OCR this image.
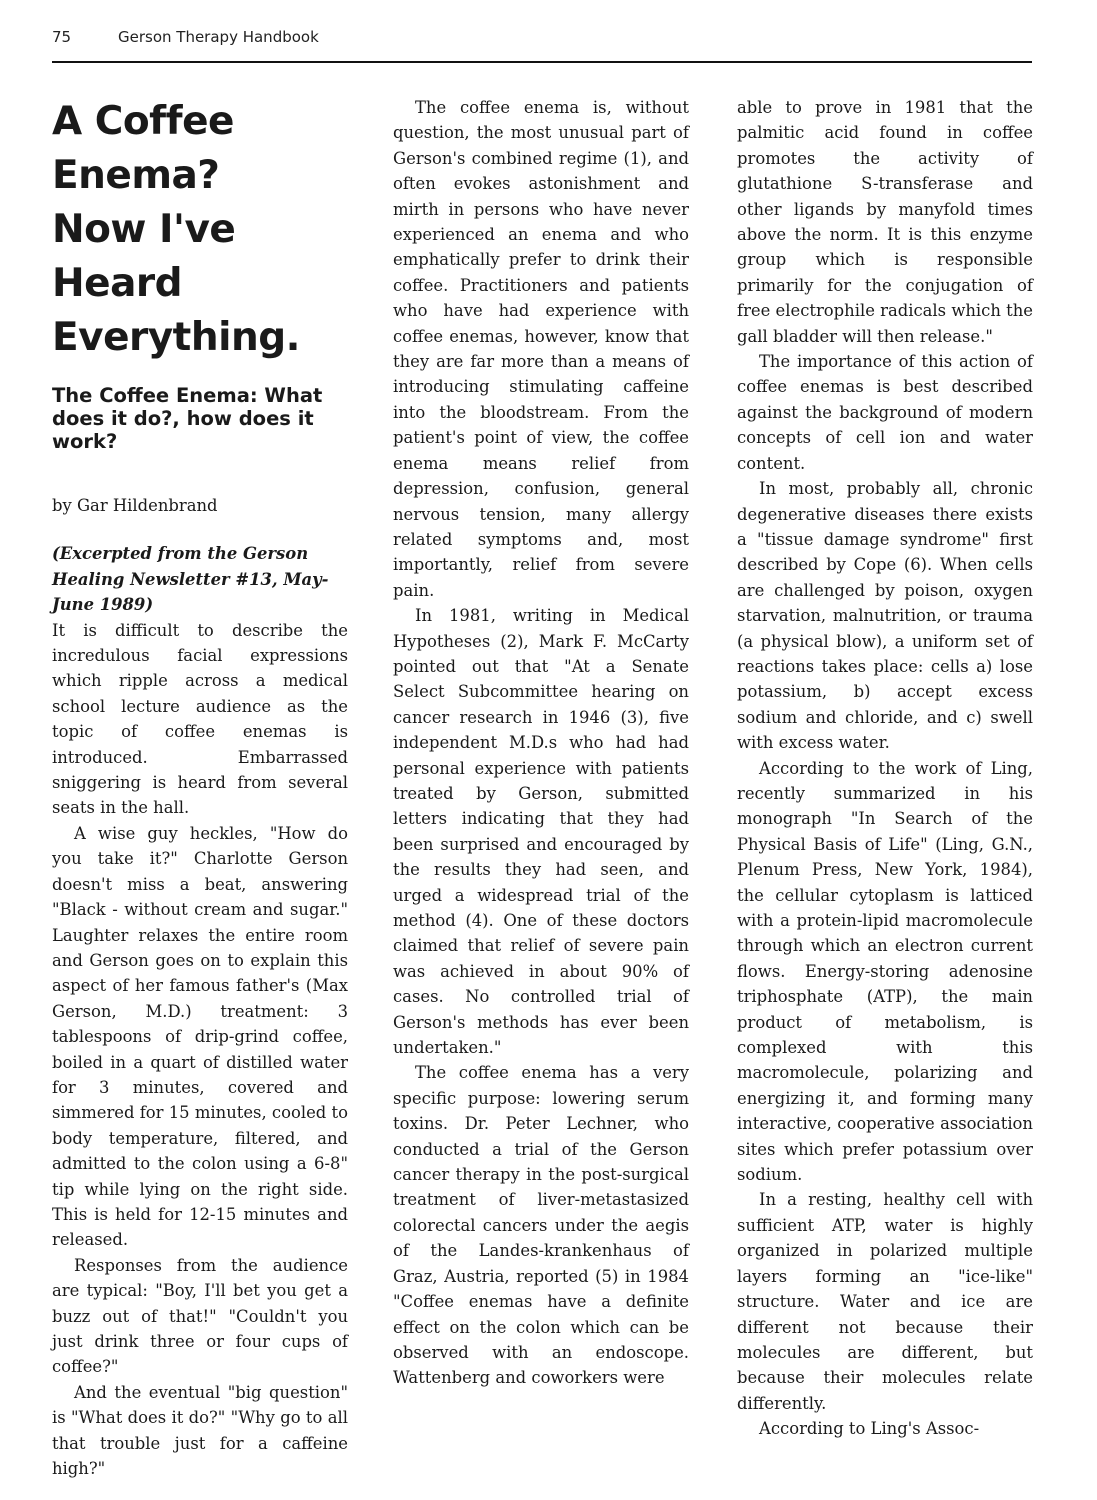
75	Gerson Therapy Handbook
A Coffee Enema?
Now I've Heard
Everything.
The Coffee Enema: What does it do?, how does it work?
by Gar Hildenbrand
(Excerpted from the Gerson Healing Newsletter #13, May-June 1989)

It is difficult to describe the incredulous facial expressions which ripple across a medical school lecture audience as the topic of coffee enemas is introduced. Embarrassed sniggering is heard from several seats in the hall.

A wise guy heckles, "How do you take it?" Charlotte Gerson doesn't miss a beat, answering "Black - without cream and sugar." Laughter relaxes the entire room and Gerson goes on to explain this aspect of her famous father's (Max Gerson, M.D.) treatment: 3 tablespoons of drip-grind coffee, boiled in a quart of distilled water for 3 minutes, covered and simmered for 15 minutes, cooled to body temperature, filtered, and admitted to the colon using a 6-8" tip while lying on the right side. This is held for 12-15 minutes and released.

Responses from the audience are typical: "Boy, I'll bet you get a buzz out of that!" "Couldn't you just drink three or four cups of coffee?"

And the eventual "big question" is "What does it do?" "Why go to all that trouble just for a caffeine high?"

The coffee enema is, without question, the most unusual part of Gerson's combined regime (1), and often evokes astonishment and mirth in persons who have never experienced an enema and who emphatically prefer to drink their coffee. Practitioners and patients who have had experience with coffee enemas, however, know that they are far more than a means of introducing stimulating caffeine into the bloodstream. From the patient's point of view, the coffee enema means relief from depression, confusion, general nervous tension, many allergy related symptoms and, most importantly, relief from severe pain.

In 1981, writing in Medical Hypotheses (2), Mark F. McCarty pointed out that "At a Senate Select Subcommittee hearing on cancer research in 1946 (3), five independent M.D.s who had had personal experience with patients treated by Gerson, submitted letters indicating that they had been surprised and encouraged by the results they had seen, and urged a widespread trial of the method (4). One of these doctors claimed that relief of severe pain was achieved in about 90% of cases. No controlled trial of Gerson's methods has ever been undertaken."

The coffee enema has a very specific purpose: lowering serum toxins. Dr. Peter Lechner, who conducted a trial of the Gerson cancer therapy in the post-surgical treatment of liver-metastasized colorectal cancers under the aegis of the Landes-krankenhaus of Graz, Austria, reported (5) in 1984 "Coffee enemas have a definite effect on the colon which can be observed with an endoscope. Wattenberg and coworkers were

able to prove in 1981 that the palmitic acid found in coffee promotes the activity of glutathione S-transferase and other ligands by manyfold times above the norm. It is this enzyme group which is responsible primarily for the conjugation of free electrophile radicals which the gall bladder will then release."

The importance of this action of coffee enemas is best described against the background of modern concepts of cell ion and water content.

In most, probably all, chronic degenerative diseases there exists a "tissue damage syndrome" first described by Cope (6). When cells are challenged by poison, oxygen starvation, malnutrition, or trauma (a physical blow), a uniform set of reactions takes place: cells a) lose potassium, b) accept excess sodium and chloride, and c) swell with excess water.

According to the work of Ling, recently summarized in his monograph "In Search of the Physical Basis of Life" (Ling, G.N., Plenum Press, New York, 1984), the cellular cytoplasm is latticed with a protein-lipid macromolecule through which an electron current flows. Energy-storing adenosine triphosphate (ATP), the main product of metabolism, is complexed with this macromolecule, polarizing and energizing it, and forming many interactive, cooperative association sites which prefer potassium over sodium.

In a resting, healthy cell with sufficient ATP, water is highly organized in polarized multiple layers forming an "ice-like" structure. Water and ice are different not because their molecules are different, but because their molecules relate differently.

According to Ling's Assoc-
